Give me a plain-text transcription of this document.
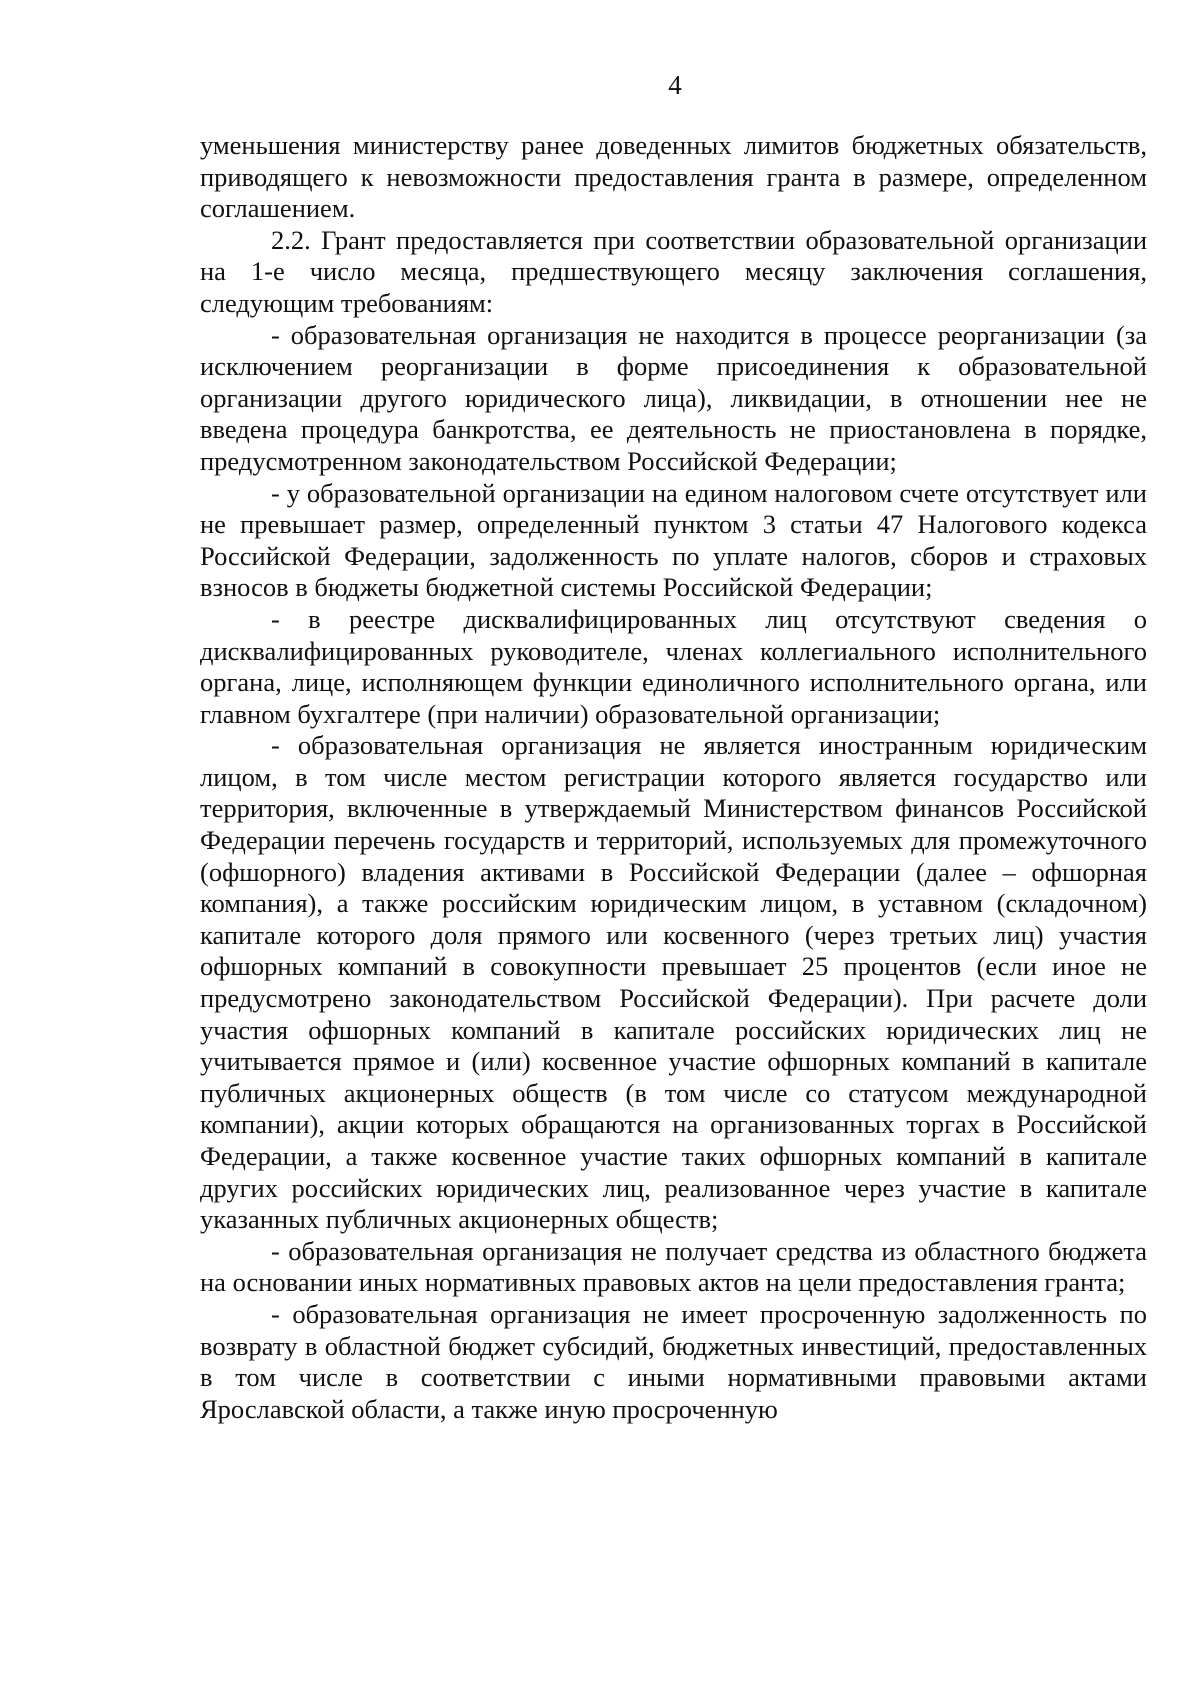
4

уменьшения министерству ранее доведенных лимитов бюджетных обязательств, приводящего к невозможности предоставления гранта в размере, определенном соглашением.

2.2. Грант предоставляется при соответствии образовательной организации на 1-е число месяца, предшествующего месяцу заключения соглашения, следующим требованиям:

- образовательная организация не находится в процессе реорганизации (за исключением реорганизации в форме присоединения к образовательной организации другого юридического лица), ликвидации, в отношении нее не введена процедура банкротства, ее деятельность не приостановлена в порядке, предусмотренном законодательством Российской Федерации;

- у образовательной организации на едином налоговом счете отсутствует или не превышает размер, определенный пунктом 3 статьи 47 Налогового кодекса Российской Федерации, задолженность по уплате налогов, сборов и страховых взносов в бюджеты бюджетной системы Российской Федерации;

- в реестре дисквалифицированных лиц отсутствуют сведения о дисквалифицированных руководителе, членах коллегиального исполнительного органа, лице, исполняющем функции единоличного исполнительного органа, или главном бухгалтере (при наличии) образовательной организации;

- образовательная организация не является иностранным юридическим лицом, в том числе местом регистрации которого является государство или территория, включенные в утверждаемый Министерством финансов Российской Федерации перечень государств и территорий, используемых для промежуточного (офшорного) владения активами в Российской Федерации (далее – офшорная компания), а также российским юридическим лицом, в уставном (складочном) капитале которого доля прямого или косвенного (через третьих лиц) участия офшорных компаний в совокупности превышает 25 процентов (если иное не предусмотрено законодательством Российской Федерации). При расчете доли участия офшорных компаний в капитале российских юридических лиц не учитывается прямое и (или) косвенное участие офшорных компаний в капитале публичных акционерных обществ (в том числе со статусом международной компании), акции которых обращаются на организованных торгах в Российской Федерации, а также косвенное участие таких офшорных компаний в капитале других российских юридических лиц, реализованное через участие в капитале указанных публичных акционерных обществ;

- образовательная организация не получает средства из областного бюджета на основании иных нормативных правовых актов на цели предоставления гранта;

- образовательная организация не имеет просроченную задолженность по возврату в областной бюджет субсидий, бюджетных инвестиций, предоставленных в том числе в соответствии с иными нормативными правовыми актами Ярославской области, а также иную просроченную
